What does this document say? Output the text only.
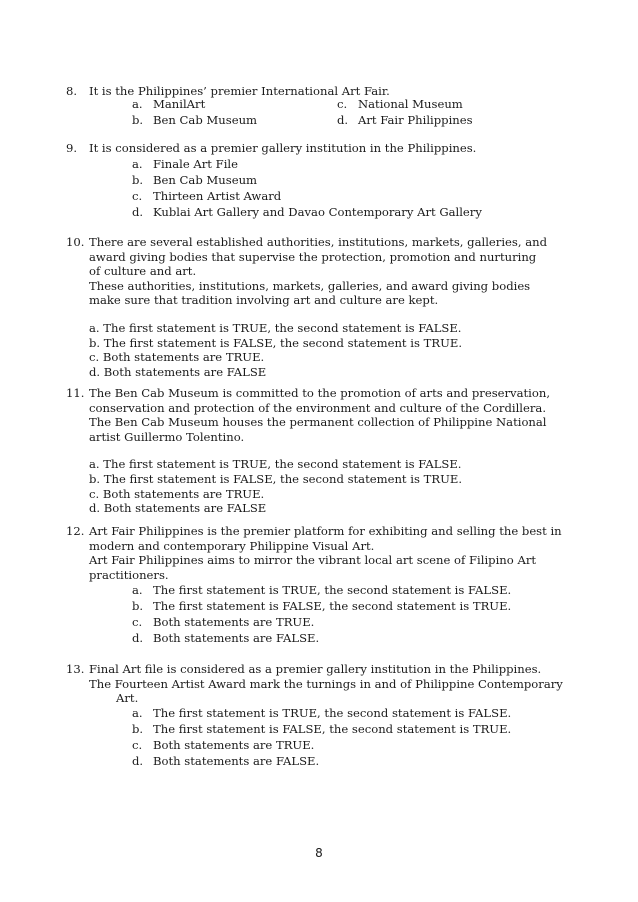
8.	It is the Philippines’ premier International Art Fair.
a. ManilArt
b. Ben Cab Museum
c. National Museum
d. Art Fair Philippines
9.	It is considered as a premier gallery institution in the Philippines.
a. Finale Art File
b. Ben Cab Museum
c. Thirteen Artist Award
d. Kublai Art Gallery and Davao Contemporary Art Gallery
10. There are several established authorities, institutions, markets, galleries, and
award giving bodies that supervise the protection, promotion and nurturing
of culture and art.
These authorities, institutions, markets, galleries, and award giving bodies
make sure that tradition involving art and culture are kept.
a. The first statement is TRUE, the second statement is FALSE.
b. The first statement is FALSE, the second statement is TRUE.
c. Both statements are TRUE.
d. Both statements are FALSE
11. The Ben Cab Museum is committed to the promotion of arts and preservation,
conservation and protection of the environment and culture of the Cordillera.
The Ben Cab Museum houses the permanent collection of Philippine National
artist Guillermo Tolentino.
a. The first statement is TRUE, the second statement is FALSE.
b. The first statement is FALSE, the second statement is TRUE.
c. Both statements are TRUE.
d. Both statements are FALSE
12. Art Fair Philippines is the premier platform for exhibiting and selling the best in
modern and contemporary Philippine Visual Art.
Art Fair Philippines aims to mirror the vibrant local art scene of Filipino Art
practitioners.
a. The first statement is TRUE, the second statement is FALSE.
b. The first statement is FALSE, the second statement is TRUE.
c. Both statements are TRUE.
d. Both statements are FALSE.
13. Final Art file is considered as a premier gallery institution in the Philippines.
The Fourteen Artist Award mark the turnings in and of Philippine Contemporary
Art.
a. The first statement is TRUE, the second statement is FALSE.
b. The first statement is FALSE, the second statement is TRUE.
c. Both statements are TRUE.
d. Both statements are FALSE.
8
